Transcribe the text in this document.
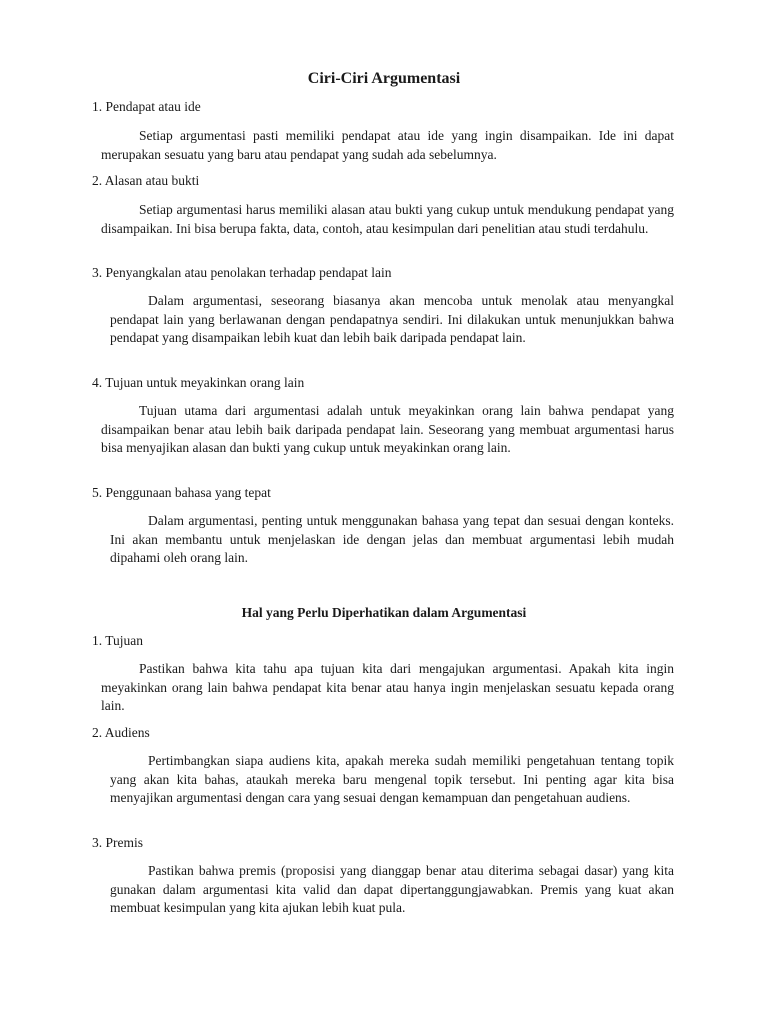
Ciri-Ciri Argumentasi

1. Pendapat atau ide

Setiap argumentasi pasti memiliki pendapat atau ide yang ingin disampaikan. Ide ini dapat merupakan sesuatu yang baru atau pendapat yang sudah ada sebelumnya.

2. Alasan atau bukti

Setiap argumentasi harus memiliki alasan atau bukti yang cukup untuk mendukung pendapat yang disampaikan. Ini bisa berupa fakta, data, contoh, atau kesimpulan dari penelitian atau studi terdahulu.

3. Penyangkalan atau penolakan terhadap pendapat lain

Dalam argumentasi, seseorang biasanya akan mencoba untuk menolak atau menyangkal pendapat lain yang berlawanan dengan pendapatnya sendiri. Ini dilakukan untuk menunjukkan bahwa pendapat yang disampaikan lebih kuat dan lebih baik daripada pendapat lain.

4. Tujuan untuk meyakinkan orang lain

Tujuan utama dari argumentasi adalah untuk meyakinkan orang lain bahwa pendapat yang disampaikan benar atau lebih baik daripada pendapat lain. Seseorang yang membuat argumentasi harus bisa menyajikan alasan dan bukti yang cukup untuk meyakinkan orang lain.

5. Penggunaan bahasa yang tepat

Dalam argumentasi, penting untuk menggunakan bahasa yang tepat dan sesuai dengan konteks. Ini akan membantu untuk menjelaskan ide dengan jelas dan membuat argumentasi lebih mudah dipahami oleh orang lain.

Hal yang Perlu Diperhatikan dalam Argumentasi

1. Tujuan

Pastikan bahwa kita tahu apa tujuan kita dari mengajukan argumentasi. Apakah kita ingin meyakinkan orang lain bahwa pendapat kita benar atau hanya ingin menjelaskan sesuatu kepada orang lain.

2. Audiens

Pertimbangkan siapa audiens kita, apakah mereka sudah memiliki pengetahuan tentang topik yang akan kita bahas, ataukah mereka baru mengenal topik tersebut. Ini penting agar kita bisa menyajikan argumentasi dengan cara yang sesuai dengan kemampuan dan pengetahuan audiens.

3. Premis

Pastikan bahwa premis (proposisi yang dianggap benar atau diterima sebagai dasar) yang kita gunakan dalam argumentasi kita valid dan dapat dipertanggungjawabkan. Premis yang kuat akan membuat kesimpulan yang kita ajukan lebih kuat pula.
